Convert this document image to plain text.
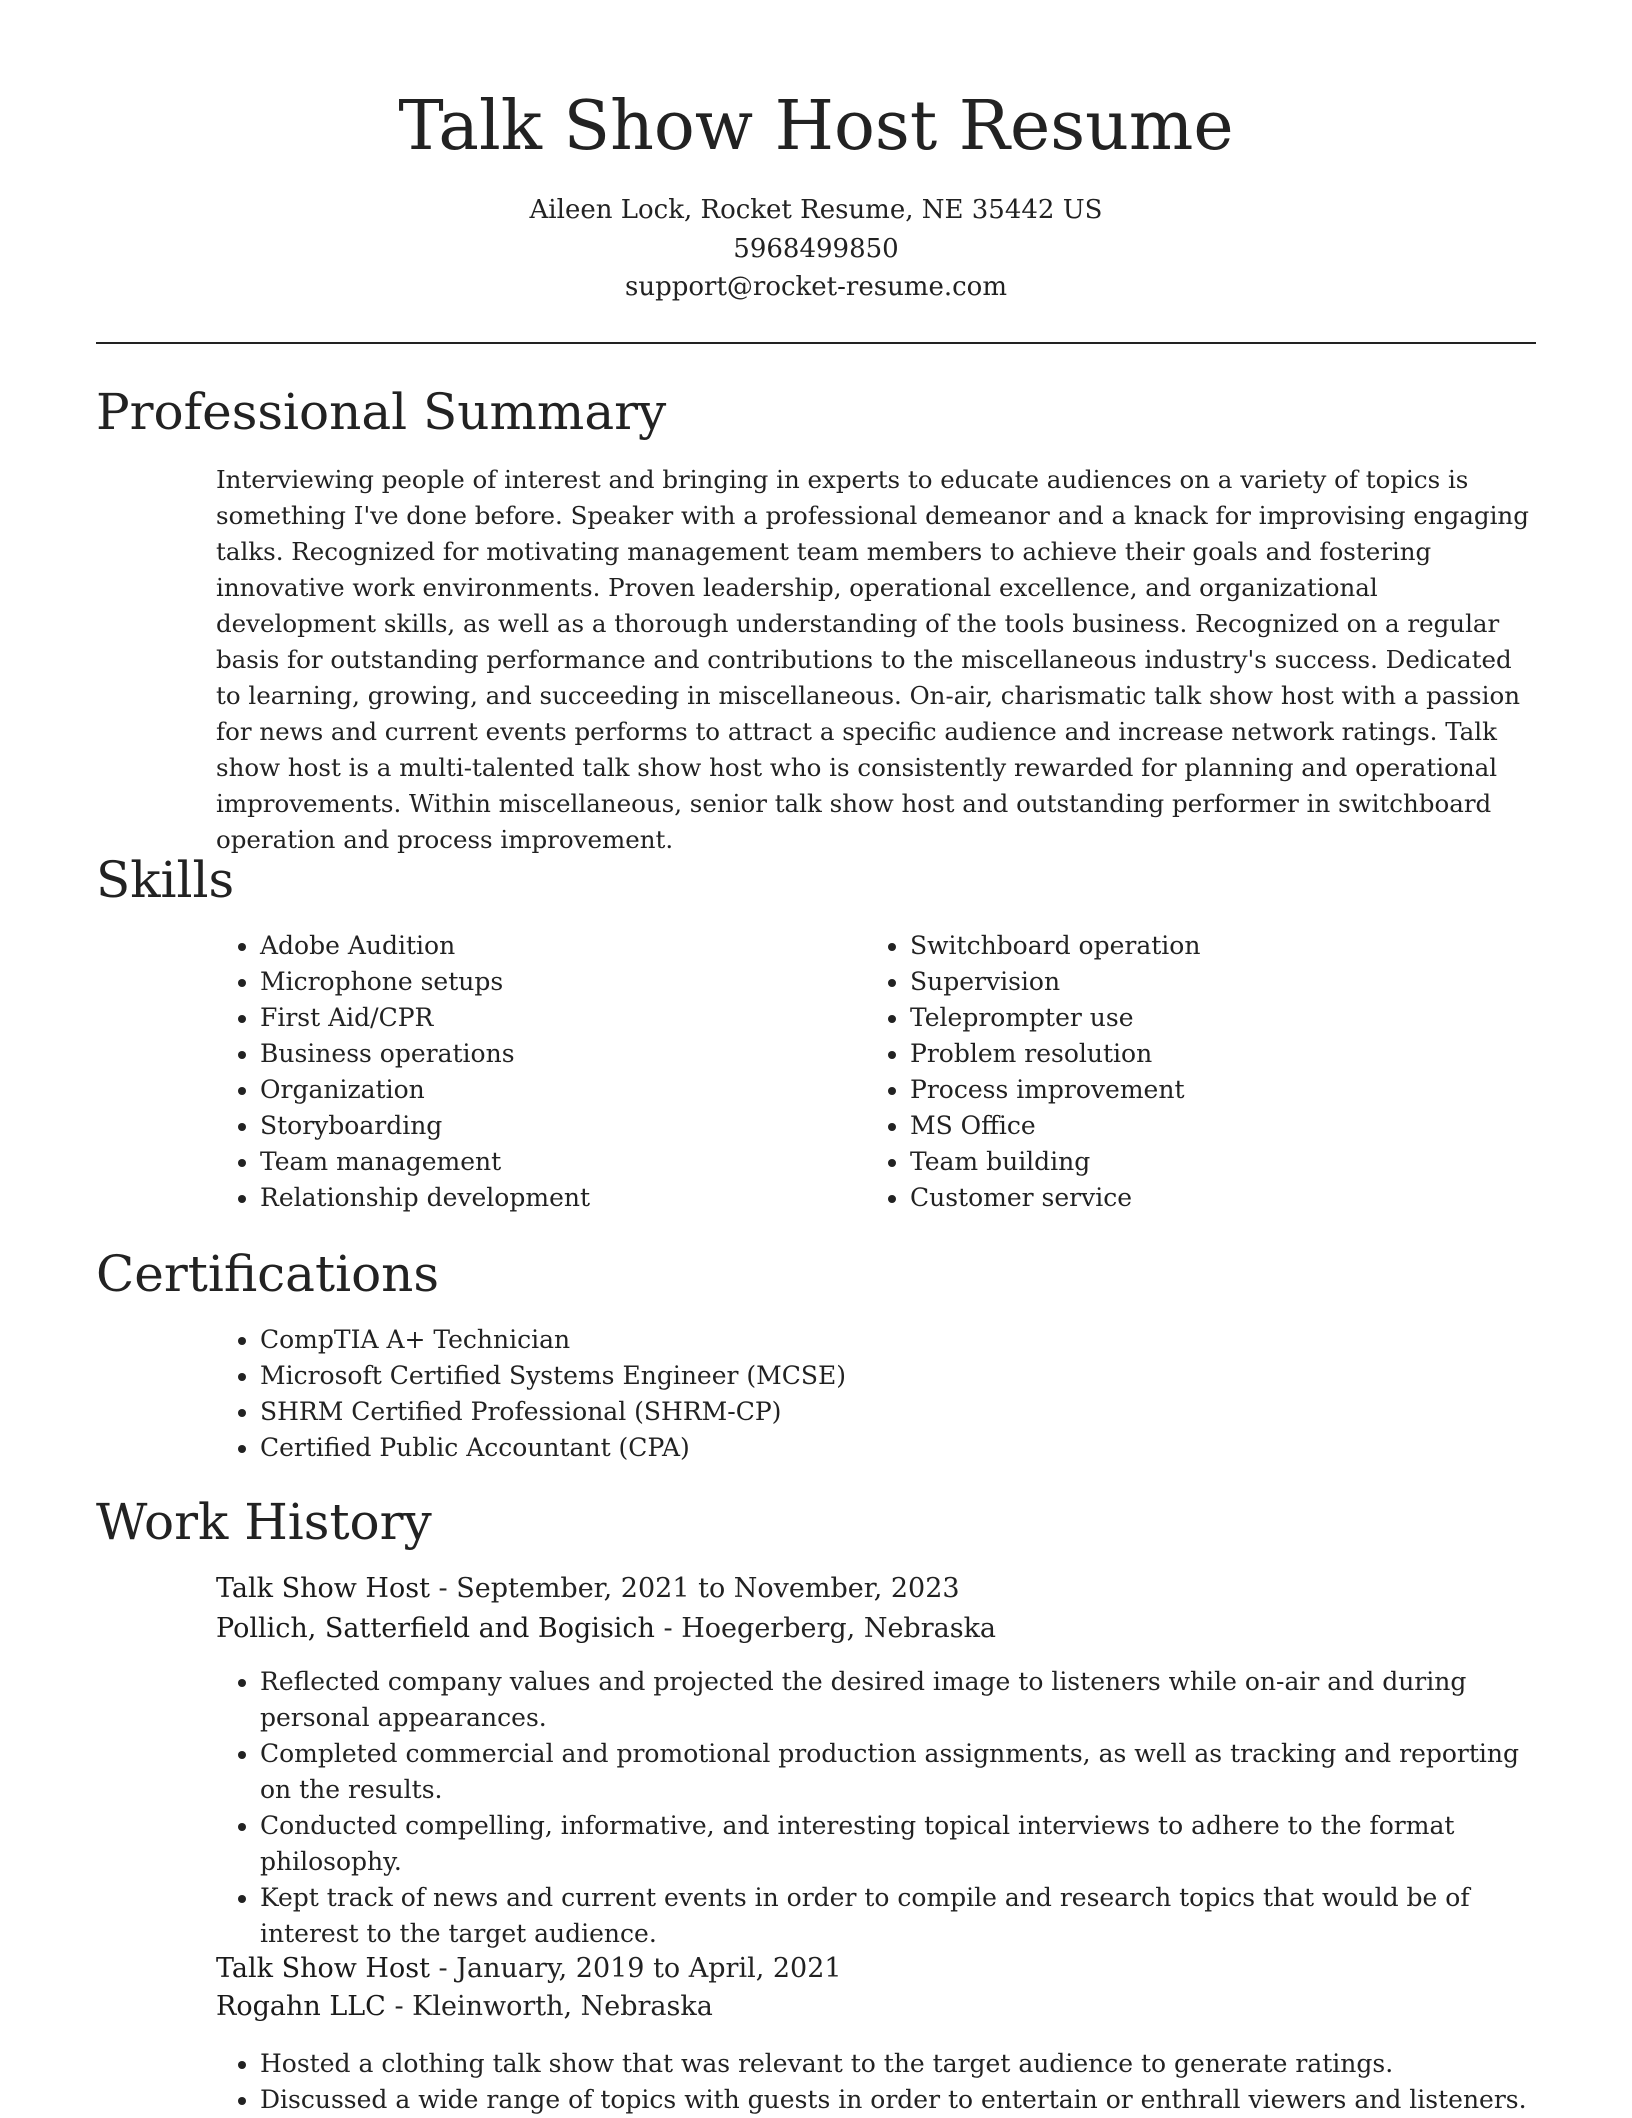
Talk Show Host Resume
Aileen Lock, Rocket Resume, NE 35442 US
5968499850
support@rocket-resume.com
Professional Summary

Interviewing people of interest and bringing in experts to educate audiences on a variety of topics is something I've done before. Speaker with a professional demeanor and a knack for improvising engaging talks. Recognized for motivating management team members to achieve their goals and fostering innovative work environments. Proven leadership, operational excellence, and organizational development skills, as well as a thorough understanding of the tools business. Recognized on a regular basis for outstanding performance and contributions to the miscellaneous industry's success. Dedicated to learning, growing, and succeeding in miscellaneous. On-air, charismatic talk show host with a passion for news and current events performs to attract a specific audience and increase network ratings. Talk show host is a multi-talented talk show host who is consistently rewarded for planning and operational improvements. Within miscellaneous, senior talk show host and outstanding performer in switchboard operation and process improvement.

Skills
• Adobe Audition
• Microphone setups
• First Aid/CPR
• Business operations
• Organization
• Storyboarding
• Team management
• Relationship development
• Switchboard operation
• Supervision
• Teleprompter use
• Problem resolution
• Process improvement
• MS Office
• Team building
• Customer service
Certifications
• CompTIA A+ Technician
• Microsoft Certified Systems Engineer (MCSE)
• SHRM Certified Professional (SHRM-CP)
• Certified Public Accountant (CPA)
Work History
Talk Show Host - September, 2021 to November, 2023
Pollich, Satterfield and Bogisich - Hoegerberg, Nebraska
• Reflected company values and projected the desired image to listeners while on-air and during personal appearances.
• Completed commercial and promotional production assignments, as well as tracking and reporting on the results.
• Conducted compelling, informative, and interesting topical interviews to adhere to the format philosophy.
• Kept track of news and current events in order to compile and research topics that would be of interest to the target audience.
Talk Show Host - January, 2019 to April, 2021
Rogahn LLC - Kleinworth, Nebraska
• Hosted a clothing talk show that was relevant to the target audience to generate ratings.
• Discussed a wide range of topics with guests in order to entertain or enthrall viewers and listeners.
